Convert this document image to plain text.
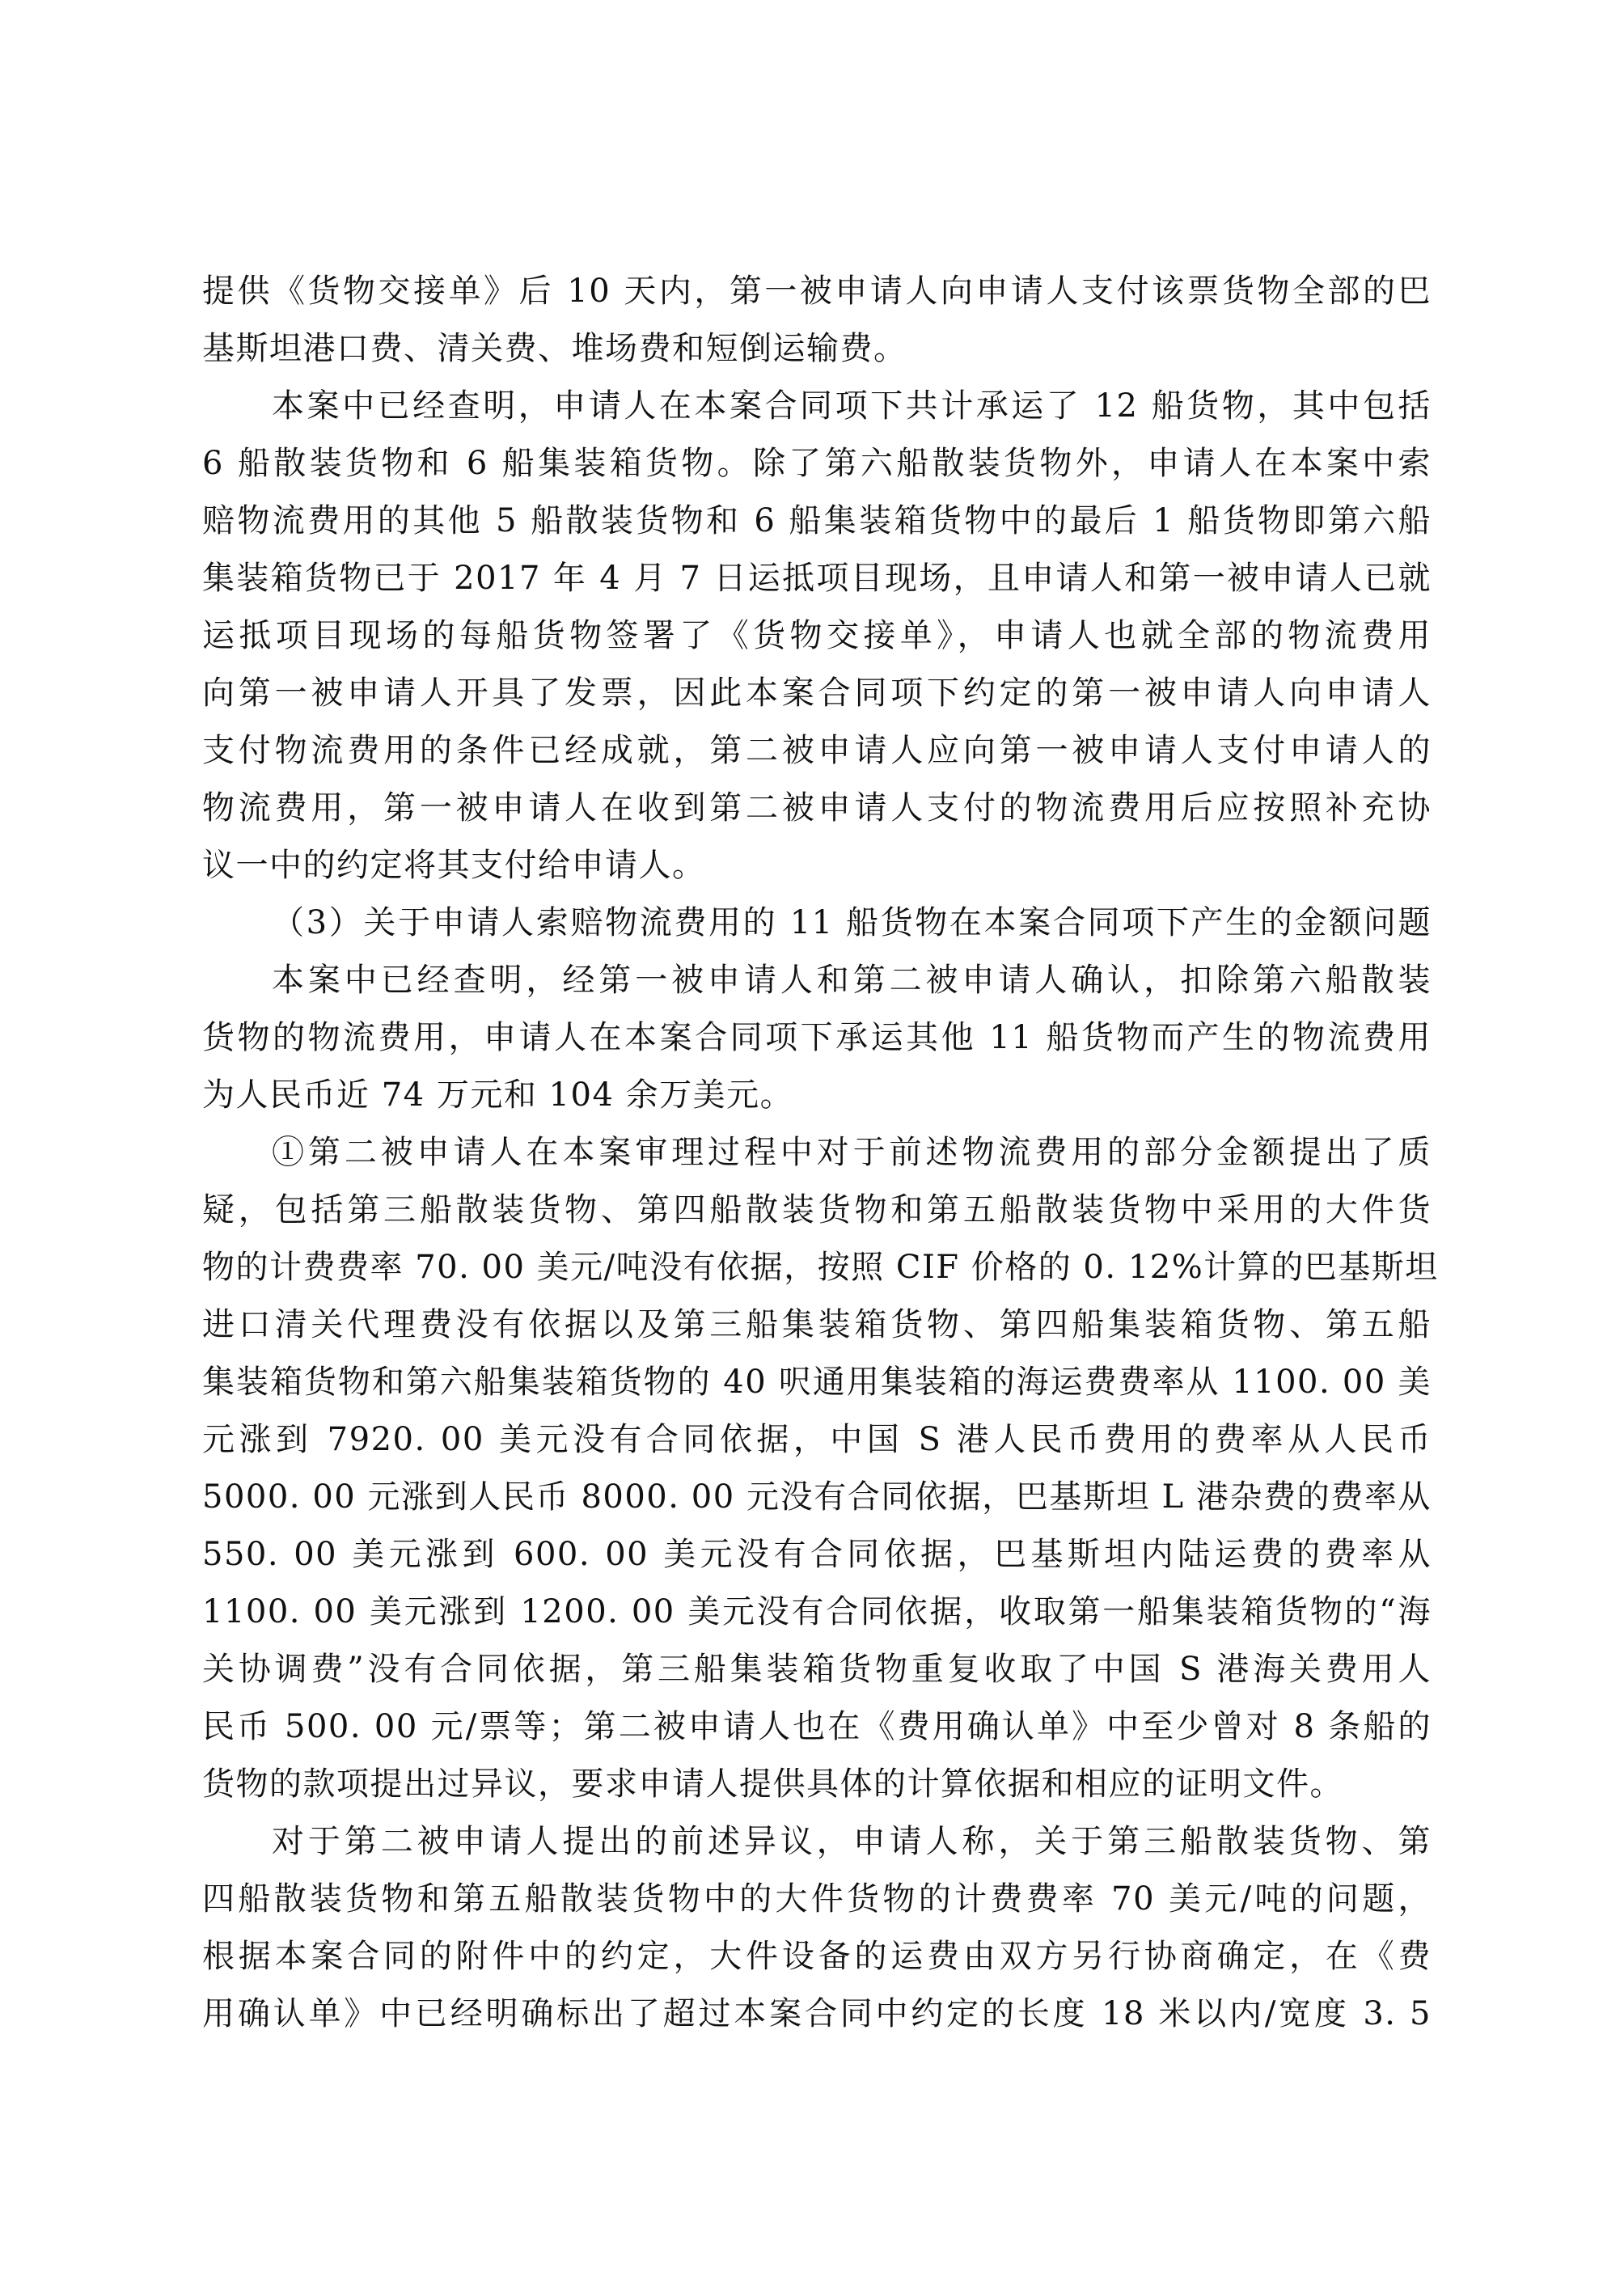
提供《货物交接单》后 10 天内，第一被申请人向申请人支付该票货物全部的巴
基斯坦港口费、清关费、堆场费和短倒运输费。
本案中已经查明，申请人在本案合同项下共计承运了 12 船货物，其中包括
6 船散装货物和 6 船集装箱货物。除了第六船散装货物外，申请人在本案中索
赔物流费用的其他 5 船散装货物和 6 船集装箱货物中的最后 1 船货物即第六船
集装箱货物已于 2017 年 4 月 7 日运抵项目现场，且申请人和第一被申请人已就
运抵项目现场的每船货物签署了《货物交接单》，申请人也就全部的物流费用
向第一被申请人开具了发票，因此本案合同项下约定的第一被申请人向申请人
支付物流费用的条件已经成就，第二被申请人应向第一被申请人支付申请人的
物流费用，第一被申请人在收到第二被申请人支付的物流费用后应按照补充协
议一中的约定将其支付给申请人。
（3）关于申请人索赔物流费用的 11 船货物在本案合同项下产生的金额问题
本案中已经查明，经第一被申请人和第二被申请人确认，扣除第六船散装
货物的物流费用，申请人在本案合同项下承运其他 11 船货物而产生的物流费用
为人民币近 74 万元和 104 余万美元。
①第二被申请人在本案审理过程中对于前述物流费用的部分金额提出了质
疑，包括第三船散装货物、第四船散装货物和第五船散装货物中采用的大件货
物的计费费率 70. 00 美元/吨没有依据，按照 CIF 价格的 0. 12%计算的巴基斯坦
进口清关代理费没有依据以及第三船集装箱货物、第四船集装箱货物、第五船
集装箱货物和第六船集装箱货物的 40 呎通用集装箱的海运费费率从 1100. 00 美
元涨到 7920. 00 美元没有合同依据，中国 S 港人民币费用的费率从人民币
5000. 00 元涨到人民币 8000. 00 元没有合同依据，巴基斯坦 L 港杂费的费率从
550. 00 美元涨到 600. 00 美元没有合同依据，巴基斯坦内陆运费的费率从
1100. 00 美元涨到 1200. 00 美元没有合同依据，收取第一船集装箱货物的“海
关协调费”没有合同依据，第三船集装箱货物重复收取了中国 S 港海关费用人
民币 500. 00 元/票等；第二被申请人也在《费用确认单》中至少曾对 8 条船的
货物的款项提出过异议，要求申请人提供具体的计算依据和相应的证明文件。
对于第二被申请人提出的前述异议，申请人称，关于第三船散装货物、第
四船散装货物和第五船散装货物中的大件货物的计费费率 70 美元/吨的问题，
根据本案合同的附件中的约定，大件设备的运费由双方另行协商确定，在《费
用确认单》中已经明确标出了超过本案合同中约定的长度 18 米以内/宽度 3. 5
